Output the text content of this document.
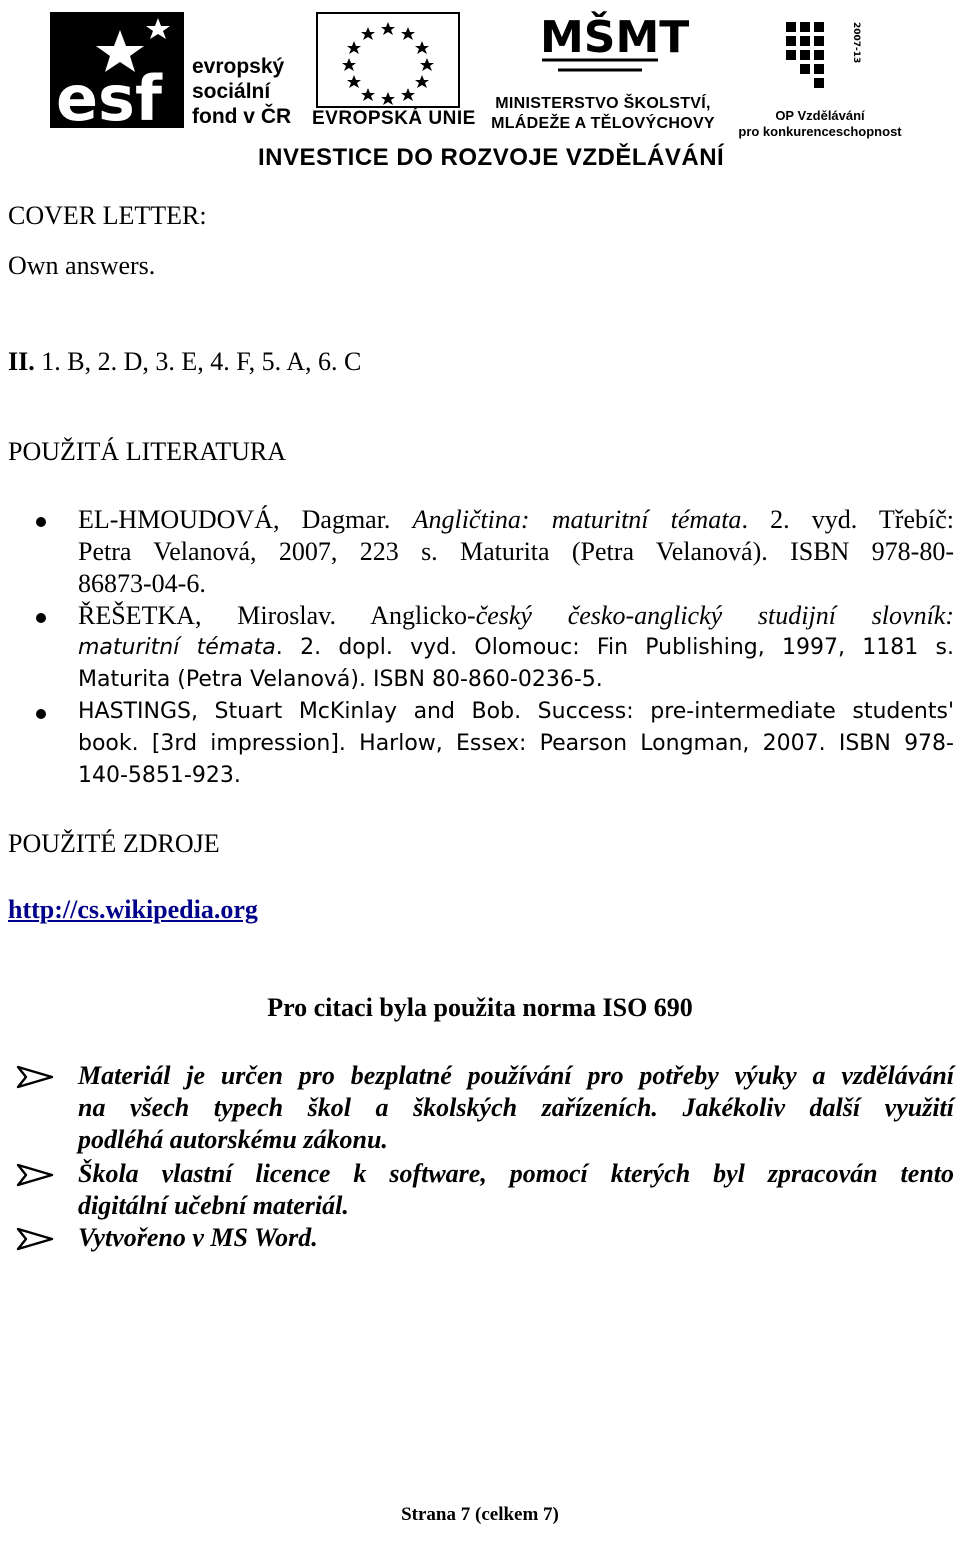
esf evropský
sociální
fond v ČR EVROPSKÁ UNIE
MŠMT
MINISTERSTVO ŠKOLSTVÍ,
MLÁDEŽE A TĚLOVÝCHOVY
2007-13
OP Vzdělávání
pro konkurenceschopnost
INVESTICE DO ROZVOJE VZDĚLÁVÁNÍ
COVER LETTER:
Own answers.
II. 1. B, 2. D, 3. E, 4. F, 5. A, 6. C
POUŽITÁ LITERATURA
EL-HMOUDOVÁ, Dagmar. Angličtina: maturitní témata. 2. vyd. Třebíč:
Petra Velanová, 2007, 223 s. Maturita (Petra Velanová). ISBN 978-80-
86873-04-6.
ŘEŠETKA, Miroslav. Anglicko-český česko-anglický studijní slovník:
maturitní témata. 2. dopl. vyd. Olomouc: Fin Publishing, 1997, 1181 s.
Maturita (Petra Velanová). ISBN 80-860-0236-5.
HASTINGS, Stuart McKinlay and Bob. Success: pre-intermediate students'
book. [3rd impression]. Harlow, Essex: Pearson Longman, 2007. ISBN 978-
140-5851-923.
POUŽITÉ ZDROJE
http://cs.wikipedia.org
Pro citaci byla použita norma ISO 690
Materiál je určen pro bezplatné používání pro potřeby výuky a vzdělávání
na všech typech škol a školských zařízeních. Jakékoliv další využití
podléhá autorskému zákonu.
Škola vlastní licence k software, pomocí kterých byl zpracován tento
digitální učební materiál.
Vytvořeno v MS Word.
Strana 7 (celkem 7)
